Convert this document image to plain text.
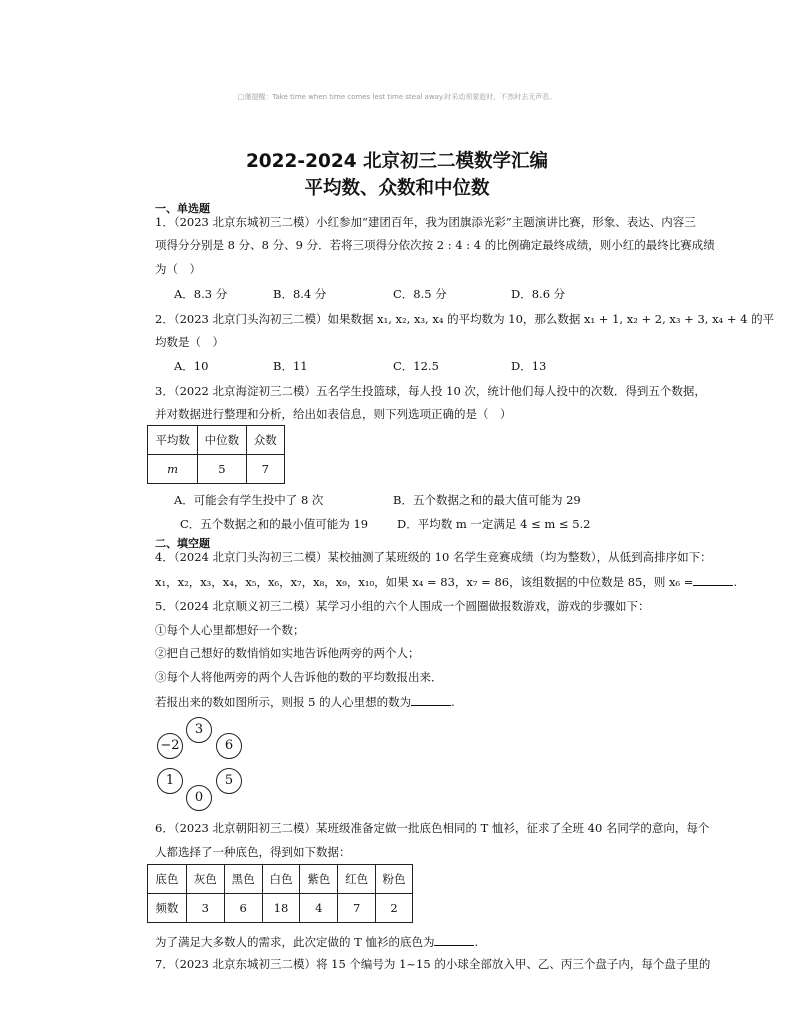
□谨提醒：Take time when time comes lest time steal away.时采动须要趁时，不然时去无声息。
2022-2024 北京初三二模数学汇编
平均数、众数和中位数
一、单选题
1．（2023 北京东城初三二模）小红参加“建团百年，我为团旗添光彩”主题演讲比赛，形象、表达、内容三
项得分分别是 8 分、8 分、9 分．若将三项得分依次按 2 : 4 : 4 的比例确定最终成绩，则小红的最终比赛成绩
为（　）
A．8.3 分	B．8.4 分	C．8.5 分	D．8.6 分
2．（2023 北京门头沟初三二模）如果数据 x₁, x₂, x₃, x₄ 的平均数为 10，那么数据 x₁ + 1, x₂ + 2, x₃ + 3, x₄ + 4 的平
均数是（　）
A．10	B．11	C．12.5	D．13
3．（2022 北京海淀初三二模）五名学生投篮球，每人投 10 次，统计他们每人投中的次数．得到五个数据，
并对数据进行整理和分析，给出如表信息，则下列选项正确的是（　）
平均数	中位数	众数
m	5	7
A．可能会有学生投中了 8 次	B．五个数据之和的最大值可能为 29
C．五个数据之和的最小值可能为 19	D．平均数 m 一定满足 4 ≤ m ≤ 5.2
二、填空题
4．（2024 北京门头沟初三二模）某校抽测了某班级的 10 名学生竞赛成绩（均为整数），从低到高排序如下：
x₁，x₂，x₃，x₄，x₅，x₆，x₇，x₈，x₉，x₁₀，如果 x₄ = 83，x₇ = 86，该组数据的中位数是 85，则 x₆ =	.
5．（2024 北京顺义初三二模）某学习小组的六个人围成一个圆圈做报数游戏，游戏的步骤如下：
①每个人心里都想好一个数；
②把自己想好的数悄悄如实地告诉他两旁的两个人；
③每个人将他两旁的两个人告诉他的数的平均数报出来．
若报出来的数如图所示，则报 5 的人心里想的数为	.
3
−2	6
1	5
0
6．（2023 北京朝阳初三二模）某班级准备定做一批底色相同的 T 恤衫，征求了全班 40 名同学的意向，每个
人都选择了一种底色，得到如下数据：
底色	灰色	黑色	白色	紫色	红色	粉色
频数	3	6	18	4	7	2
为了满足大多数人的需求，此次定做的 T 恤衫的底色为	.
7．（2023 北京东城初三二模）将 15 个编号为 1~15 的小球全部放入甲、乙、丙三个盘子内，每个盘子里的
